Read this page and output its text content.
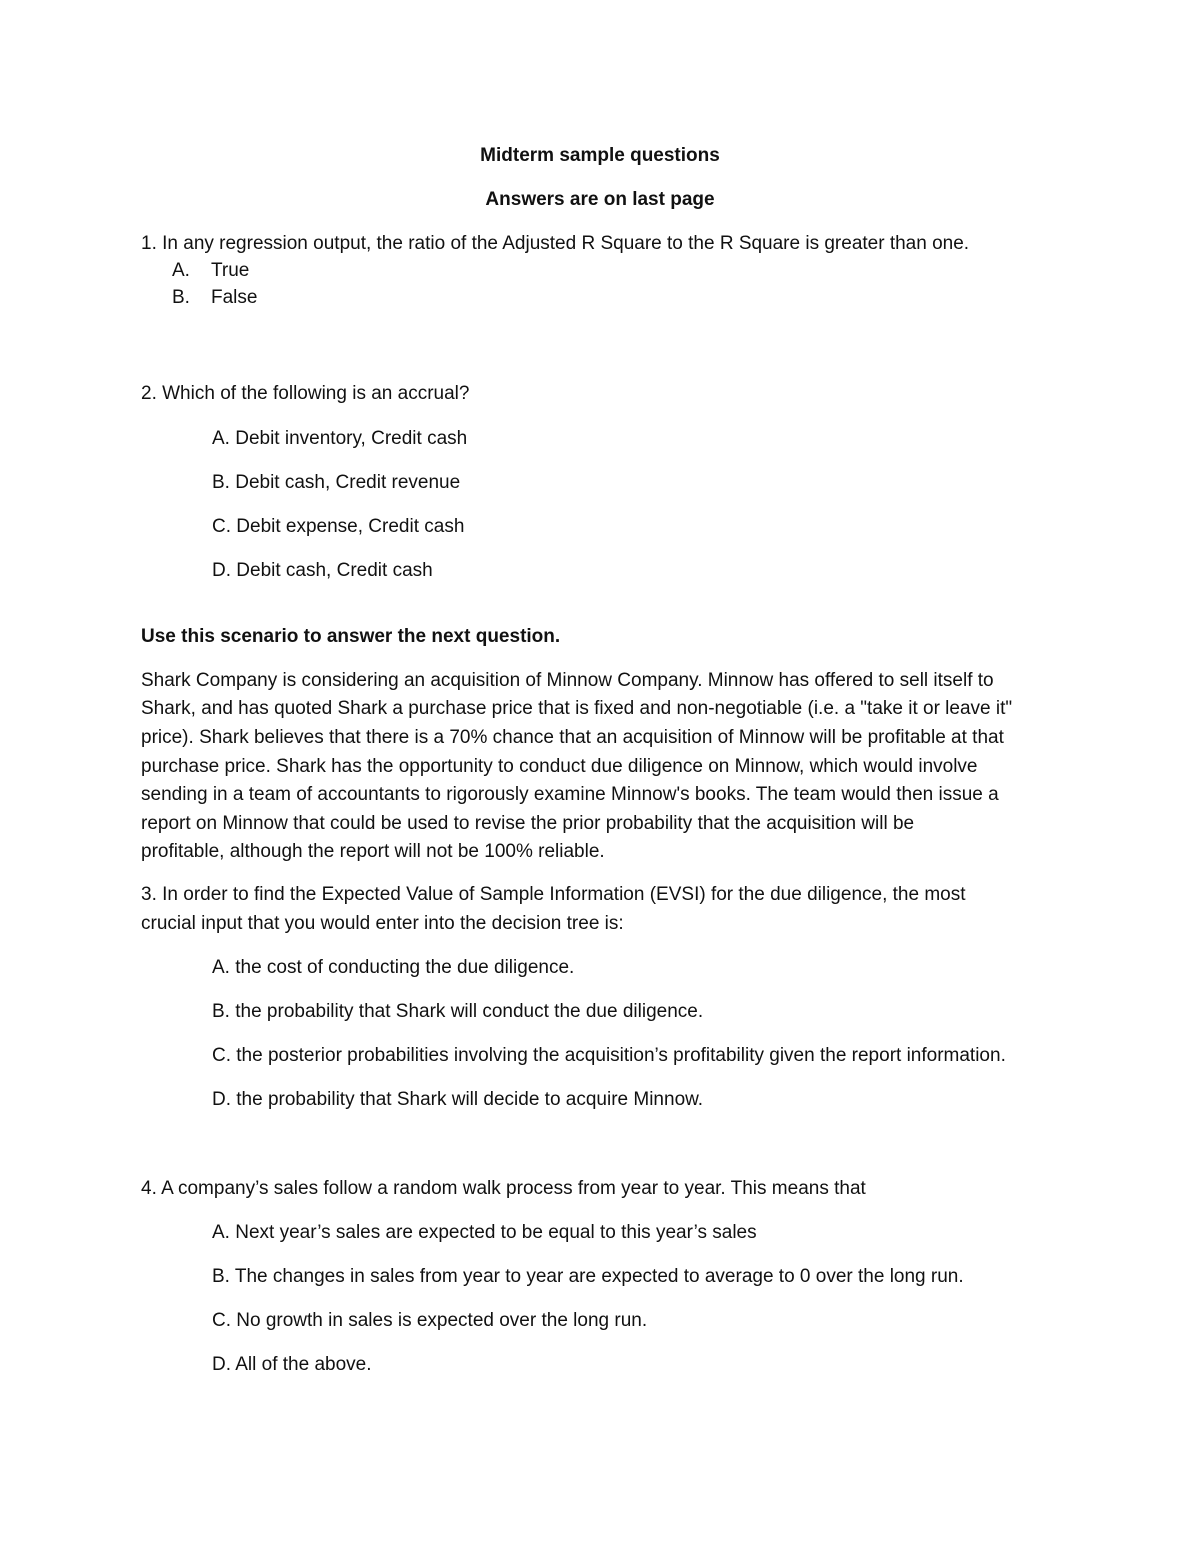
Midterm sample questions
Answers are on last page
1. In any regression output, the ratio of the Adjusted R Square to the R Square is greater than one.
A. True
B. False
2. Which of the following is an accrual?
A. Debit inventory, Credit cash
B. Debit cash, Credit revenue
C. Debit expense, Credit cash
D. Debit cash, Credit cash
Use this scenario to answer the next question.
Shark Company is considering an acquisition of Minnow Company. Minnow has offered to sell itself to
Shark, and has quoted Shark a purchase price that is fixed and non-negotiable (i.e. a "take it or leave it"
price). Shark believes that there is a 70% chance that an acquisition of Minnow will be profitable at that
purchase price. Shark has the opportunity to conduct due diligence on Minnow, which would involve
sending in a team of accountants to rigorously examine Minnow's books. The team would then issue a
report on Minnow that could be used to revise the prior probability that the acquisition will be
profitable, although the report will not be 100% reliable.
3. In order to find the Expected Value of Sample Information (EVSI) for the due diligence, the most
crucial input that you would enter into the decision tree is:
A. the cost of conducting the due diligence.
B. the probability that Shark will conduct the due diligence.
C. the posterior probabilities involving the acquisition’s profitability given the report information.
D. the probability that Shark will decide to acquire Minnow.
4. A company’s sales follow a random walk process from year to year. This means that
A. Next year’s sales are expected to be equal to this year’s sales
B. The changes in sales from year to year are expected to average to 0 over the long run.
C. No growth in sales is expected over the long run.
D. All of the above.
